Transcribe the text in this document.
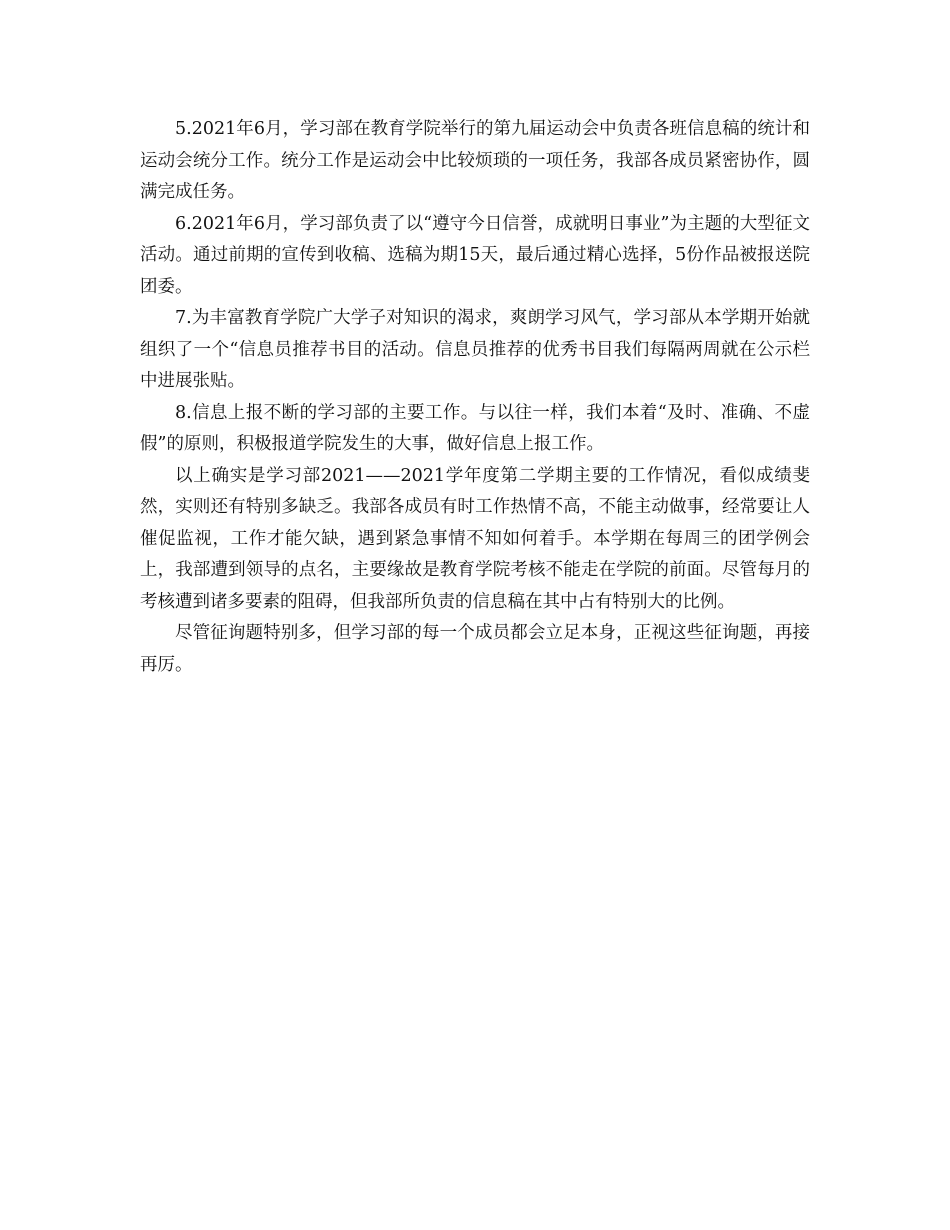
5.2021年6月，学习部在教育学院举行的第九届运动会中负责各班信息稿的统计和运动会统分工作。统分工作是运动会中比较烦琐的一项任务，我部各成员紧密协作，圆满完成任务。

6.2021年6月，学习部负责了以“遵守今日信誉，成就明日事业”为主题的大型征文活动。通过前期的宣传到收稿、选稿为期15天，最后通过精心选择，5份作品被报送院团委。

7.为丰富教育学院广大学子对知识的渴求，爽朗学习风气，学习部从本学期开始就组织了一个“信息员推荐书目的活动。信息员推荐的优秀书目我们每隔两周就在公示栏中进展张贴。

8.信息上报不断的学习部的主要工作。与以往一样，我们本着“及时、准确、不虚假”的原则，积极报道学院发生的大事，做好信息上报工作。

以上确实是学习部2021——2021学年度第二学期主要的工作情况，看似成绩斐然，实则还有特别多缺乏。我部各成员有时工作热情不高，不能主动做事，经常要让人催促监视，工作才能欠缺，遇到紧急事情不知如何着手。本学期在每周三的团学例会上，我部遭到领导的点名，主要缘故是教育学院考核不能走在学院的前面。尽管每月的考核遭到诸多要素的阻碍，但我部所负责的信息稿在其中占有特别大的比例。

尽管征询题特别多，但学习部的每一个成员都会立足本身，正视这些征询题，再接再厉。
